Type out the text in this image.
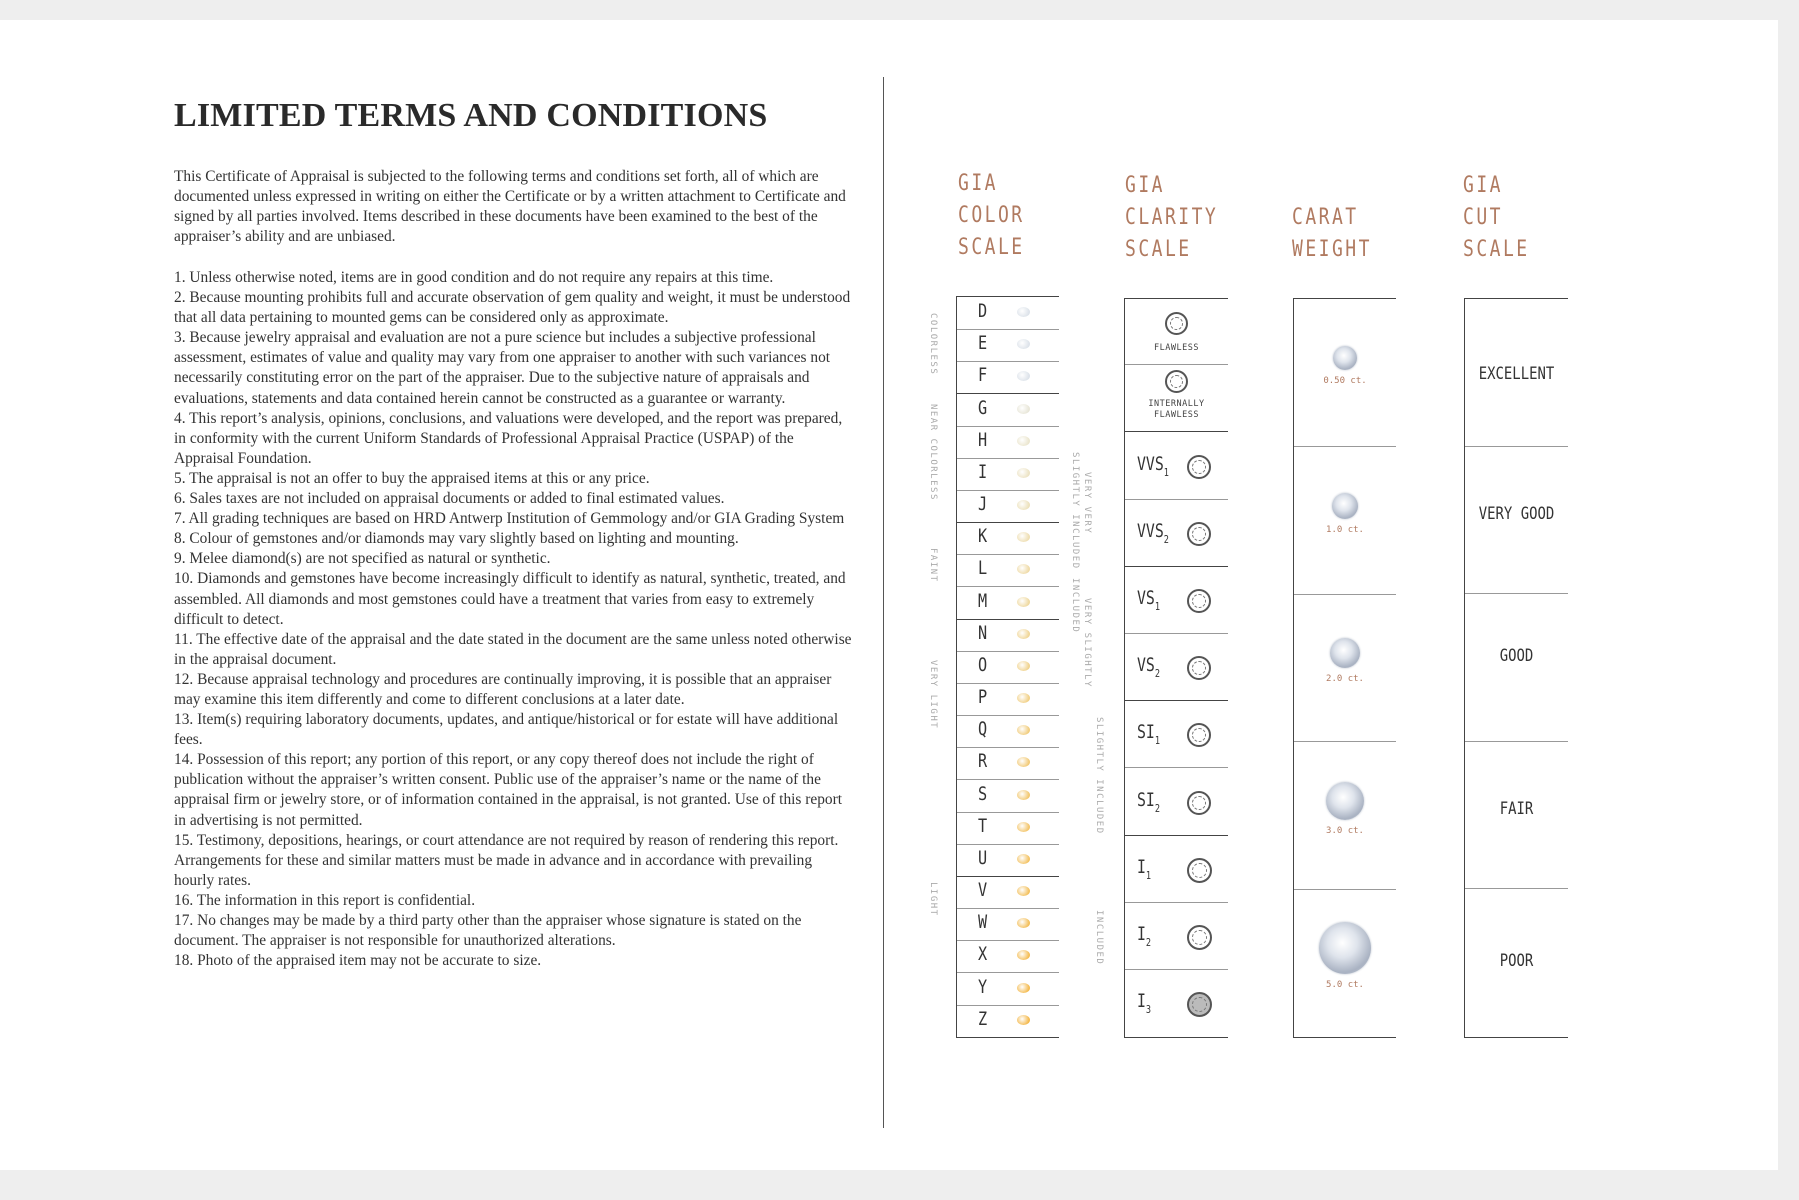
LIMITED TERMS AND CONDITIONS

This Certificate of Appraisal is subjected to the following terms and conditions set forth, all of which are documented unless expressed in writing on either the Certificate or by a written attachment to Certificate and signed by all parties involved. Items described in these documents have been examined to the best of the appraiser’s ability and are unbiased.

1. Unless otherwise noted, items are in good condition and do not require any repairs at this time.
2. Because mounting prohibits full and accurate observation of gem quality and weight, it must be understood that all data pertaining to mounted gems can be considered only as approximate.
3. Because jewelry appraisal and evaluation are not a pure science but includes a subjective professional assessment, estimates of value and quality may vary from one appraiser to another with such variances not necessarily constituting error on the part of the appraiser. Due to the subjective nature of appraisals and evaluations, statements and data contained herein cannot be constructed as a guarantee or warranty.
4. This report’s analysis, opinions, conclusions, and valuations were developed, and the report was prepared, in conformity with the current Uniform Standards of Professional Appraisal Practice (USPAP) of the Appraisal Foundation.
5. The appraisal is not an offer to buy the appraised items at this or any price.
6. Sales taxes are not included on appraisal documents or added to final estimated values.
7. All grading techniques are based on HRD Antwerp Institution of Gemmology and/or GIA Grading System
8. Colour of gemstones and/or diamonds may vary slightly based on lighting and mounting.
9. Melee diamond(s) are not specified as natural or synthetic.
10. Diamonds and gemstones have become increasingly difficult to identify as natural, synthetic, treated, and assembled. All diamonds and most gemstones could have a treatment that varies from easy to extremely difficult to detect.
11. The effective date of the appraisal and the date stated in the document are the same unless noted otherwise in the appraisal document.
12. Because appraisal technology and procedures are continually improving, it is possible that an appraiser may examine this item differently and come to different conclusions at a later date.
13. Item(s) requiring laboratory documents, updates, and antique/historical or for estate will have additional fees.
14. Possession of this report; any portion of this report, or any copy thereof does not include the right of publication without the appraiser’s written consent. Public use of the appraiser’s name or the name of the appraisal firm or jewelry store, or of information contained in the appraisal, is not granted. Use of this report in advertising is not permitted.
15. Testimony, depositions, hearings, or court attendance are not required by reason of rendering this report. Arrangements for these and similar matters must be made in advance and in accordance with prevailing hourly rates.
16. The information in this report is confidential.
17. No changes may be made by a third party other than the appraiser whose signature is stated on the document. The appraiser is not responsible for unauthorized alterations.
18. Photo of the appraised item may not be accurate to size.
GIA
COLOR
SCALE
GIA
CLARITY
SCALE
CARAT
WEIGHT
GIA
CUT
SCALE
D
E
F
G
H
I
J
K
L
M
N
O
P
Q
R
S
T
U
V
W
X
Y
Z
COLORLESS
NEAR COLORLESS
FAINT
VERY LIGHT
LIGHT
FLAWLESS
INTERNALLY
FLAWLESS
$VVS_1$
$VVS_2$
$VS_1$
$VS_2$
$SI_1$
$SI_2$
$I_1$
$I_2$
$I_3$
VERY VERY
SLIGHTLY INCLUDED
VERY SLIGHTLY
INCLUDED
SLIGHTLY INCLUDED
INCLUDED
0.50 ct.
1.0 ct.
2.0 ct.
3.0 ct.
5.0 ct.
EXCELLENT
VERY GOOD
GOOD
FAIR
POOR
